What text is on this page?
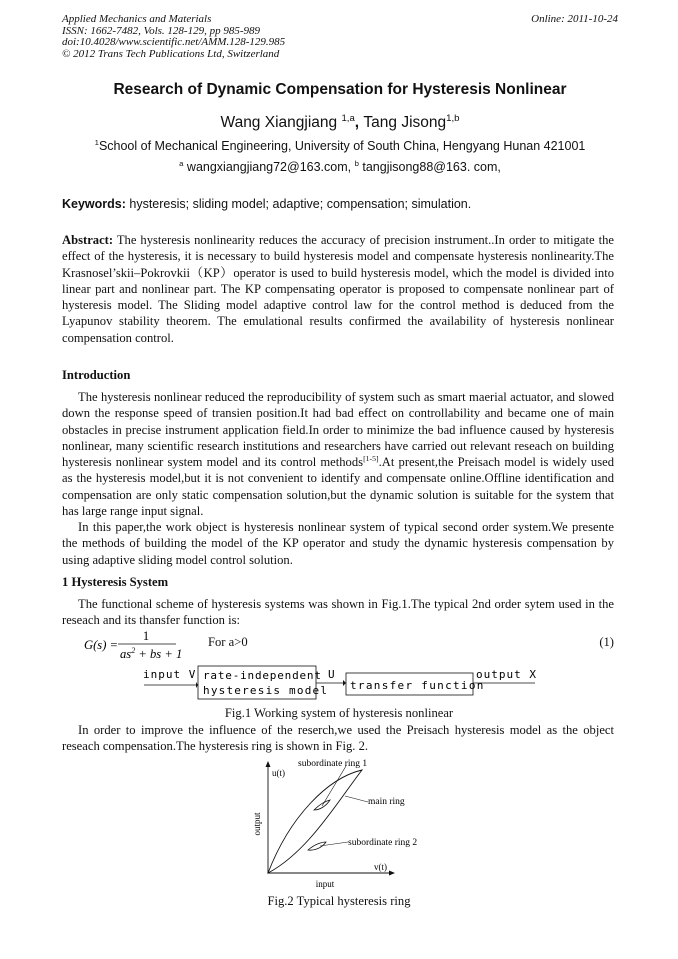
Applied Mechanics and Materials
ISSN: 1662-7482, Vols. 128-129, pp 985-989
doi:10.4028/www.scientific.net/AMM.128-129.985
© 2012 Trans Tech Publications Ltd, Switzerland
Online: 2011-10-24
Research of Dynamic Compensation for Hysteresis Nonlinear
Wang Xiangjiang $^{1,a}$, Tang Jisong$^{1,b}$
$^1$School of Mechanical Engineering, University of South China, Hengyang Hunan 421001
$^a$ wangxiangjiang72@163.com, $^b$ tangjisong88@163. com,
Keywords: hysteresis; sliding model; adaptive; compensation; simulation.
Abstract: The hysteresis nonlinearity reduces the accuracy of precision instrument..In order to mitigate the effect of the hysteresis, it is necessary to build hysteresis model and compensate hysteresis nonlinearity.The Krasnosel’skii–Pokrovkii（KP）operator is used to build hysteresis model, which the model is divided into linear part and nonlinear part. The KP compensating operator is proposed to compensate nonlinear part of hysteresis model. The Sliding model adaptive control law for the control method is deduced from the Lyapunov stability theorem. The emulational results confirmed the availability of hysteresis nonlinear compensation control.
Introduction
The hysteresis nonlinear reduced the reproducibility of system such as smart maerial actuator, and slowed down the response speed of transien position.It had bad effect on controllability and became one of main obstacles in precise instrument application field.In order to minimize the bad influence caused by hysteresis nonlinear, many scientific research institutions and researchers have carried out relevant reseach on building hysteresis nonlinear system model and its control methods[1-5].At present,the Preisach model is widely used as the hysteresis model,but it is not convenient to identify and compensate online.Offline identification and compensation are only static compensation solution,but the dynamic solution is suitable for the system that has large range input signal.
In this paper,the work object is hysteresis nonlinear system of typical second order system.We presente the methods of building the model of the KP operator and study the dynamic hysteresis compensation by using adaptive sliding model control solution.
1 Hysteresis System
The functional scheme of hysteresis systems was shown in Fig.1.The typical 2nd order sytem used in the reseach and its thansfer function is:
G(s) =
1
$as^2$ + bs + 1
For a>0	(1)
input V rate-independent
hysteresis model
U
transfer function
output X
Fig.1 Working system of hysteresis nonlinear
In order to improve the influence of the reserch,we used the Preisach hysteresis model as the object reseach compensation.The hysteresis ring is shown in Fig. 2.
u(t)
v(t)
output
input
subordinate ring 1
main ring
subordinate ring 2
Fig.2 Typical hysteresis ring
